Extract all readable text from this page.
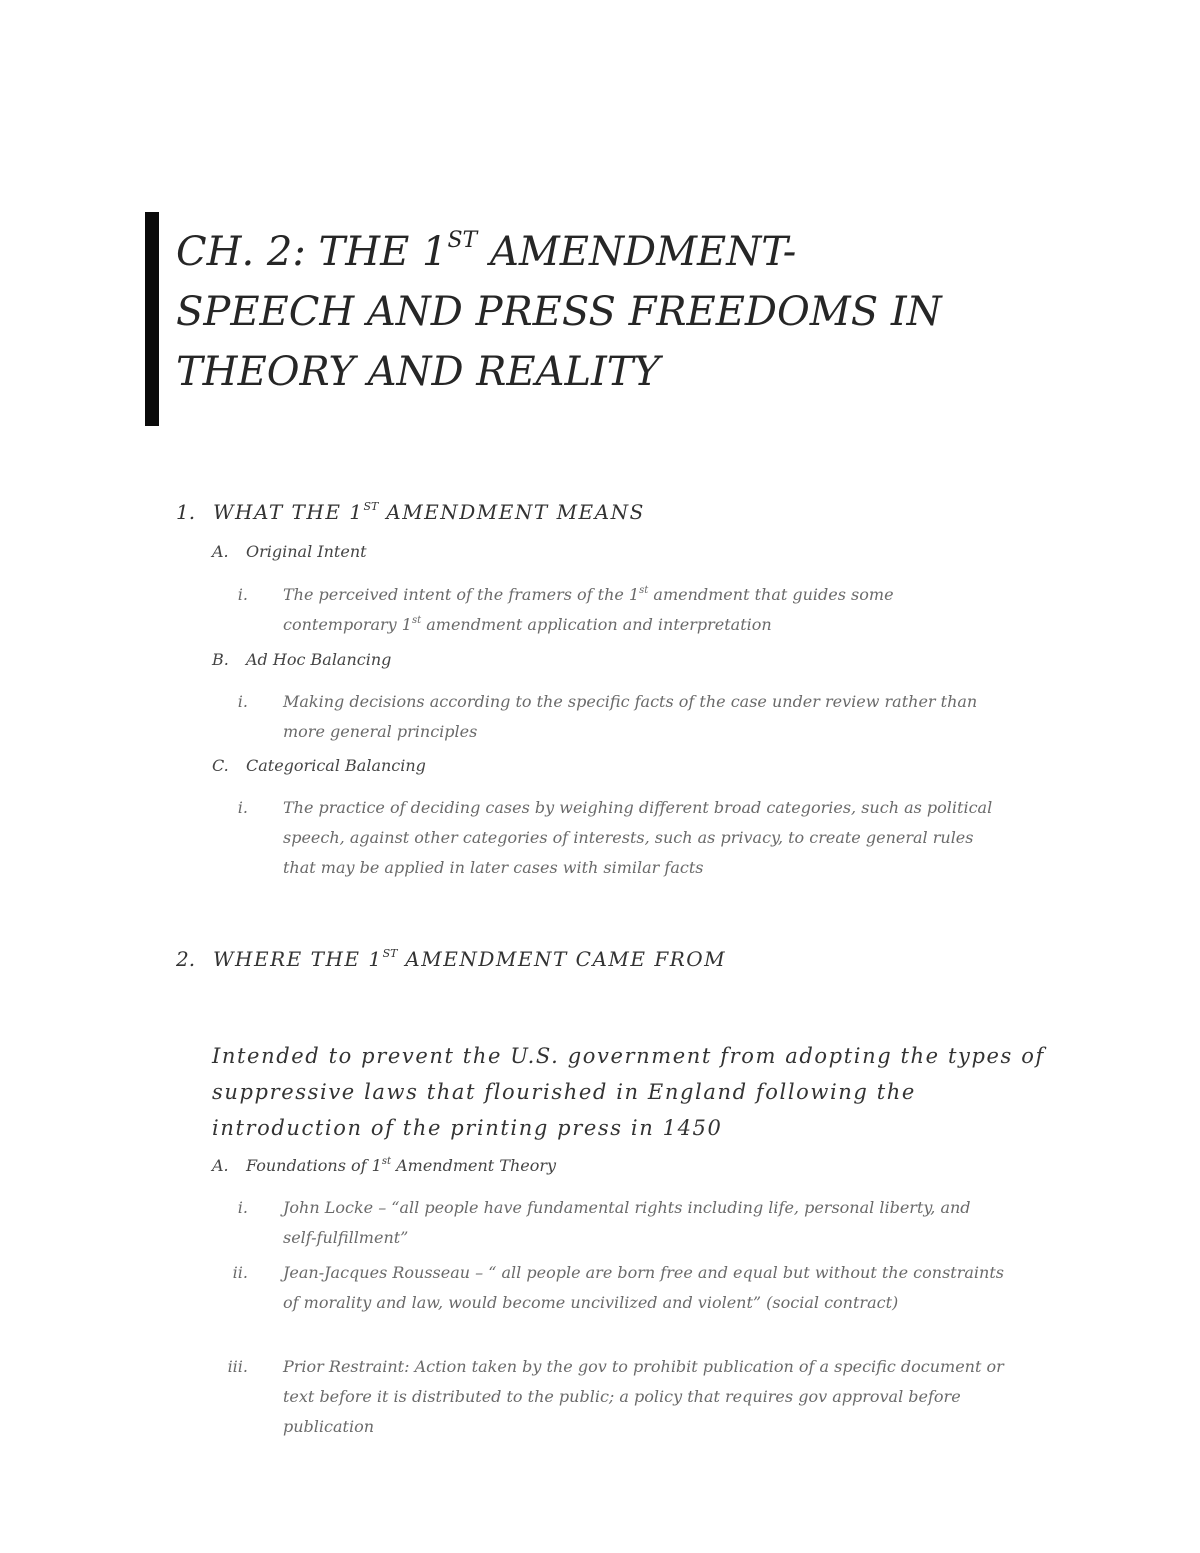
CH. 2: THE 1ST AMENDMENT-
SPEECH AND PRESS FREEDOMS IN
THEORY AND REALITY
1. WHAT THE 1ST AMENDMENT MEANS
A. Original Intent
i. The perceived intent of the framers of the 1st amendment that guides some contemporary 1st amendment application and interpretation
B. Ad Hoc Balancing
i. Making decisions according to the specific facts of the case under review rather than more general principles
C. Categorical Balancing
i. The practice of deciding cases by weighing different broad categories, such as political speech, against other categories of interests, such as privacy, to create general rules that may be applied in later cases with similar facts
2. WHERE THE 1ST AMENDMENT CAME FROM

Intended to prevent the U.S. government from adopting the types of suppressive laws that flourished in England following the introduction of the printing press in 1450

A. Foundations of 1st Amendment Theory
i. John Locke – “all people have fundamental rights including life, personal liberty, and self-fulfillment”
ii. Jean-Jacques Rousseau – “ all people are born free and equal but without the constraints of morality and law, would become uncivilized and violent” (social contract)
iii. Prior Restraint: Action taken by the gov to prohibit publication of a specific document or text before it is distributed to the public; a policy that requires gov approval before publication
